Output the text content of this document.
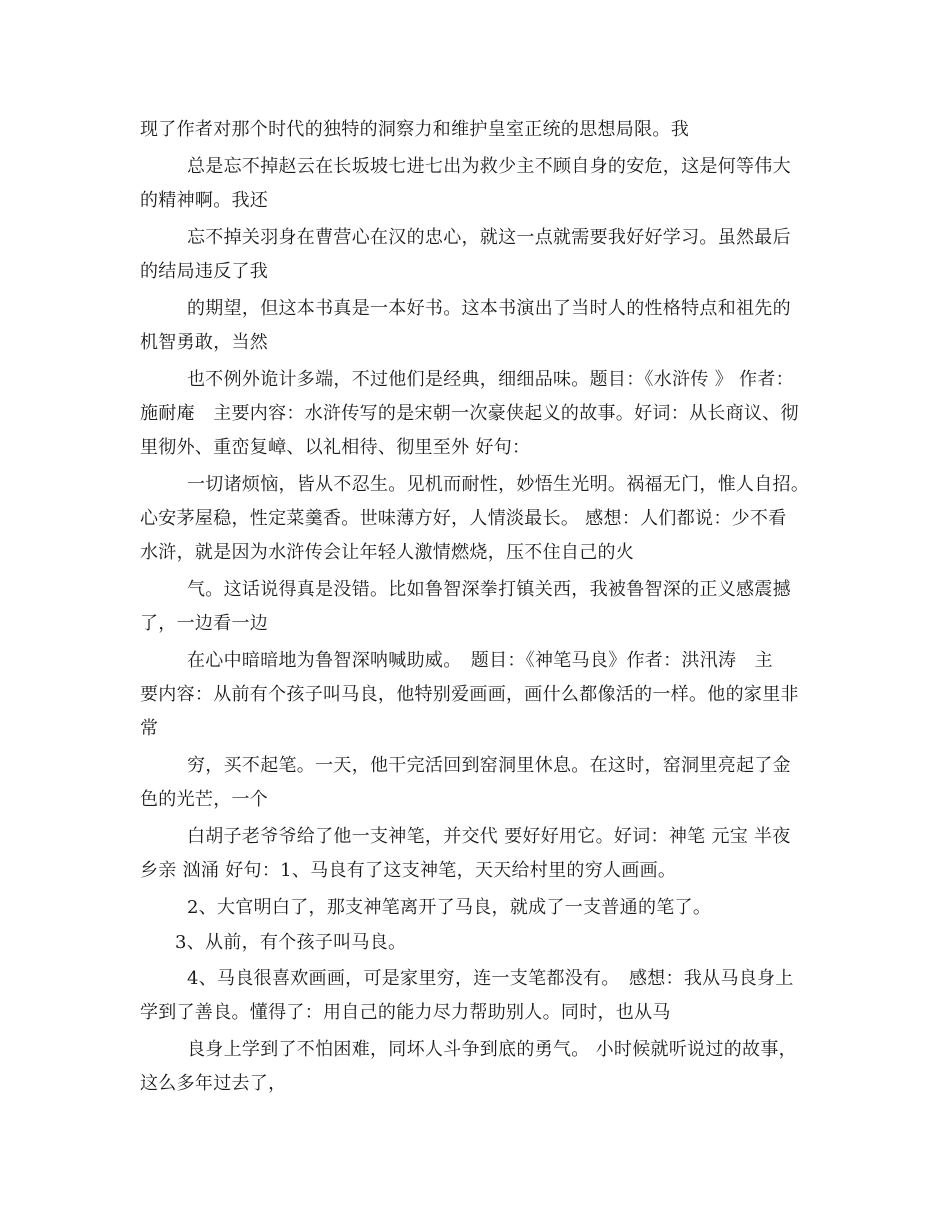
现了作者对那个时代的独特的洞察力和维护皇室正统的思想局限。我
总是忘不掉赵云在长坂坡七进七出为救少主不顾自身的安危，这是何等伟大
的精神啊。我还
忘不掉关羽身在曹营心在汉的忠心，就这一点就需要我好好学习。虽然最后
的结局违反了我
的期望，但这本书真是一本好书。这本书演出了当时人的性格特点和祖先的
机智勇敢，当然
也不例外诡计多端，不过他们是经典，细细品味。题目：《水浒传 》 作者：
施耐庵　主要内容：水浒传写的是宋朝一次豪侠起义的故事。好词：从长商议、彻
里彻外、重峦复嶂、以礼相待、彻里至外 好句：
一切诸烦恼，皆从不忍生。见机而耐性，妙悟生光明。祸福无门，惟人自招。
心安茅屋稳，性定菜羹香。世味薄方好，人情淡最长。 感想：人们都说：少不看
水浒，就是因为水浒传会让年轻人激情燃烧，压不住自己的火
气。这话说得真是没错。比如鲁智深拳打镇关西，我被鲁智深的正义感震撼
了，一边看一边
在心中暗暗地为鲁智深呐喊助威。　题目：《神笔马良》作者：洪汛涛　主
要内容：从前有个孩子叫马良，他特别爱画画，画什么都像活的一样。他的家里非
常
穷，买不起笔。一天，他干完活回到窑洞里休息。在这时，窑洞里亮起了金
色的光芒，一个
白胡子老爷爷给了他一支神笔，并交代 要好好用它。好词：神笔 元宝 半夜
乡亲 汹涌 好句：1、马良有了这支神笔，天天给村里的穷人画画。
2、大官明白了，那支神笔离开了马良，就成了一支普通的笔了。
3、从前，有个孩子叫马良。
4、马良很喜欢画画，可是家里穷，连一支笔都没有。　感想：我从马良身上
学到了善良。懂得了：用自己的能力尽力帮助别人。同时，也从马
良身上学到了不怕困难，同坏人斗争到底的勇气。 小时候就听说过的故事，
这么多年过去了，
